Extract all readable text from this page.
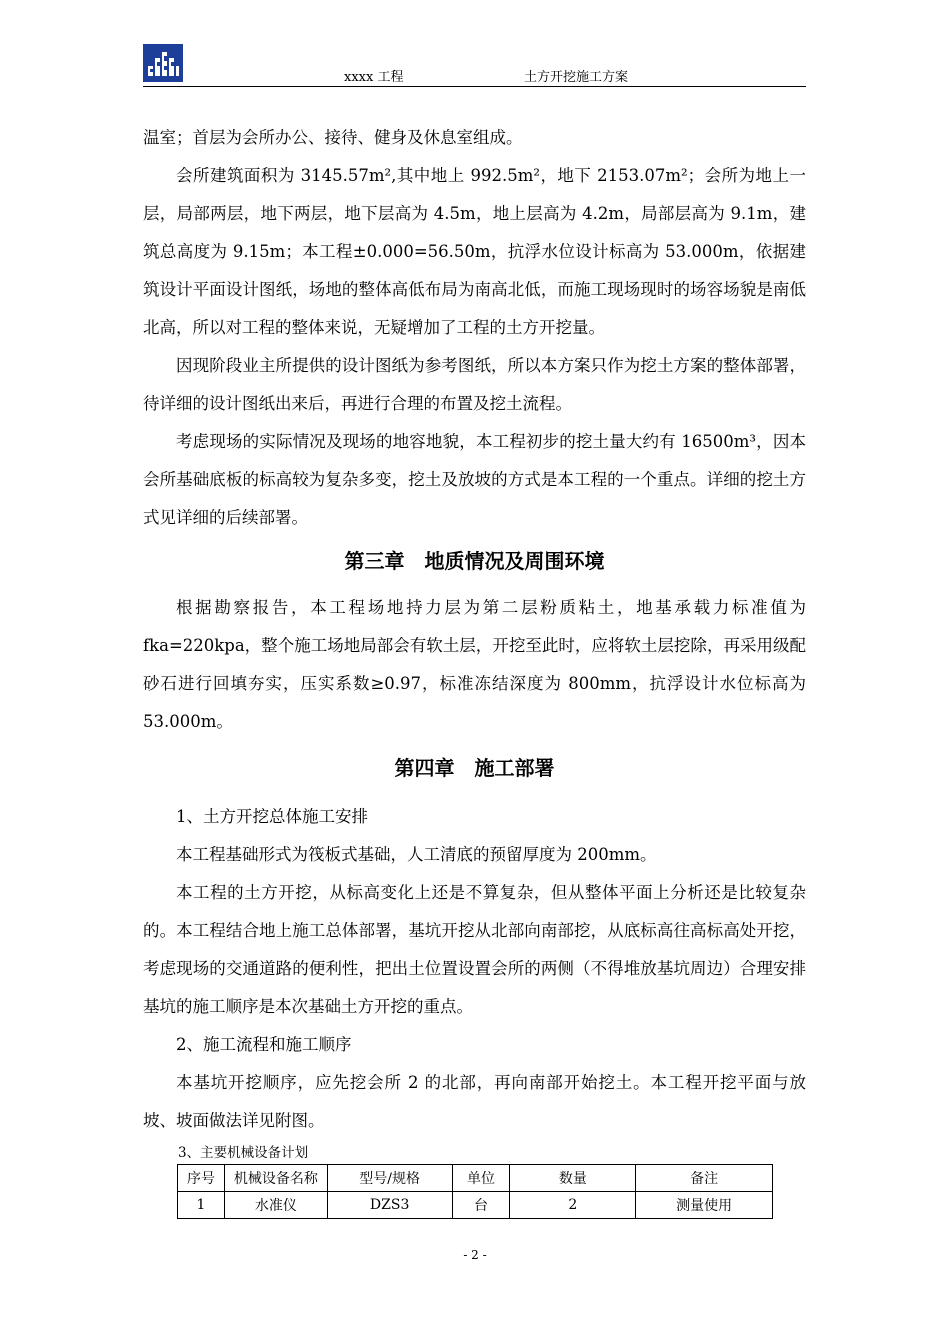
xxxx 工程	土方开挖施工方案

温室；首层为会所办公、接待、健身及休息室组成。

会所建筑面积为 3145.57m²,其中地上 992.5m²，地下 2153.07m²；会所为地上一层，局部两层，地下两层，地下层高为 4.5m，地上层高为 4.2m，局部层高为 9.1m，建筑总高度为 9.15m；本工程±0.000=56.50m，抗浮水位设计标高为 53.000m，依据建筑设计平面设计图纸，场地的整体高低布局为南高北低，而施工现场现时的场容场貌是南低北高，所以对工程的整体来说，无疑增加了工程的土方开挖量。

因现阶段业主所提供的设计图纸为参考图纸，所以本方案只作为挖土方案的整体部署，待详细的设计图纸出来后，再进行合理的布置及挖土流程。

考虑现场的实际情况及现场的地容地貌，本工程初步的挖土量大约有 16500m³，因本会所基础底板的标高较为复杂多变，挖土及放坡的方式是本工程的一个重点。详细的挖土方式见详细的后续部署。

第三章　地质情况及周围环境

根据勘察报告，本工程场地持力层为第二层粉质粘土，地基承载力标准值为 fka=220kpa，整个施工场地局部会有软土层，开挖至此时，应将软土层挖除，再采用级配砂石进行回填夯实，压实系数≥0.97，标准冻结深度为 800mm，抗浮设计水位标高为 53.000m。

第四章　施工部署

1、土方开挖总体施工安排

本工程基础形式为筏板式基础，人工清底的预留厚度为 200mm。

本工程的土方开挖，从标高变化上还是不算复杂，但从整体平面上分析还是比较复杂的。本工程结合地上施工总体部署，基坑开挖从北部向南部挖，从底标高往高标高处开挖，考虑现场的交通道路的便利性，把出土位置设置会所的两侧（不得堆放基坑周边）合理安排基坑的施工顺序是本次基础土方开挖的重点。

2、施工流程和施工顺序

本基坑开挖顺序，应先挖会所 2 的北部，再向南部开始挖土。本工程开挖平面与放坡、坡面做法详见附图。

3、主要机械设备计划
序号	机械设备名称	型号/规格	单位	数量	备注
1	水准仪	DZS3	台	2	测量使用
- 2 -
